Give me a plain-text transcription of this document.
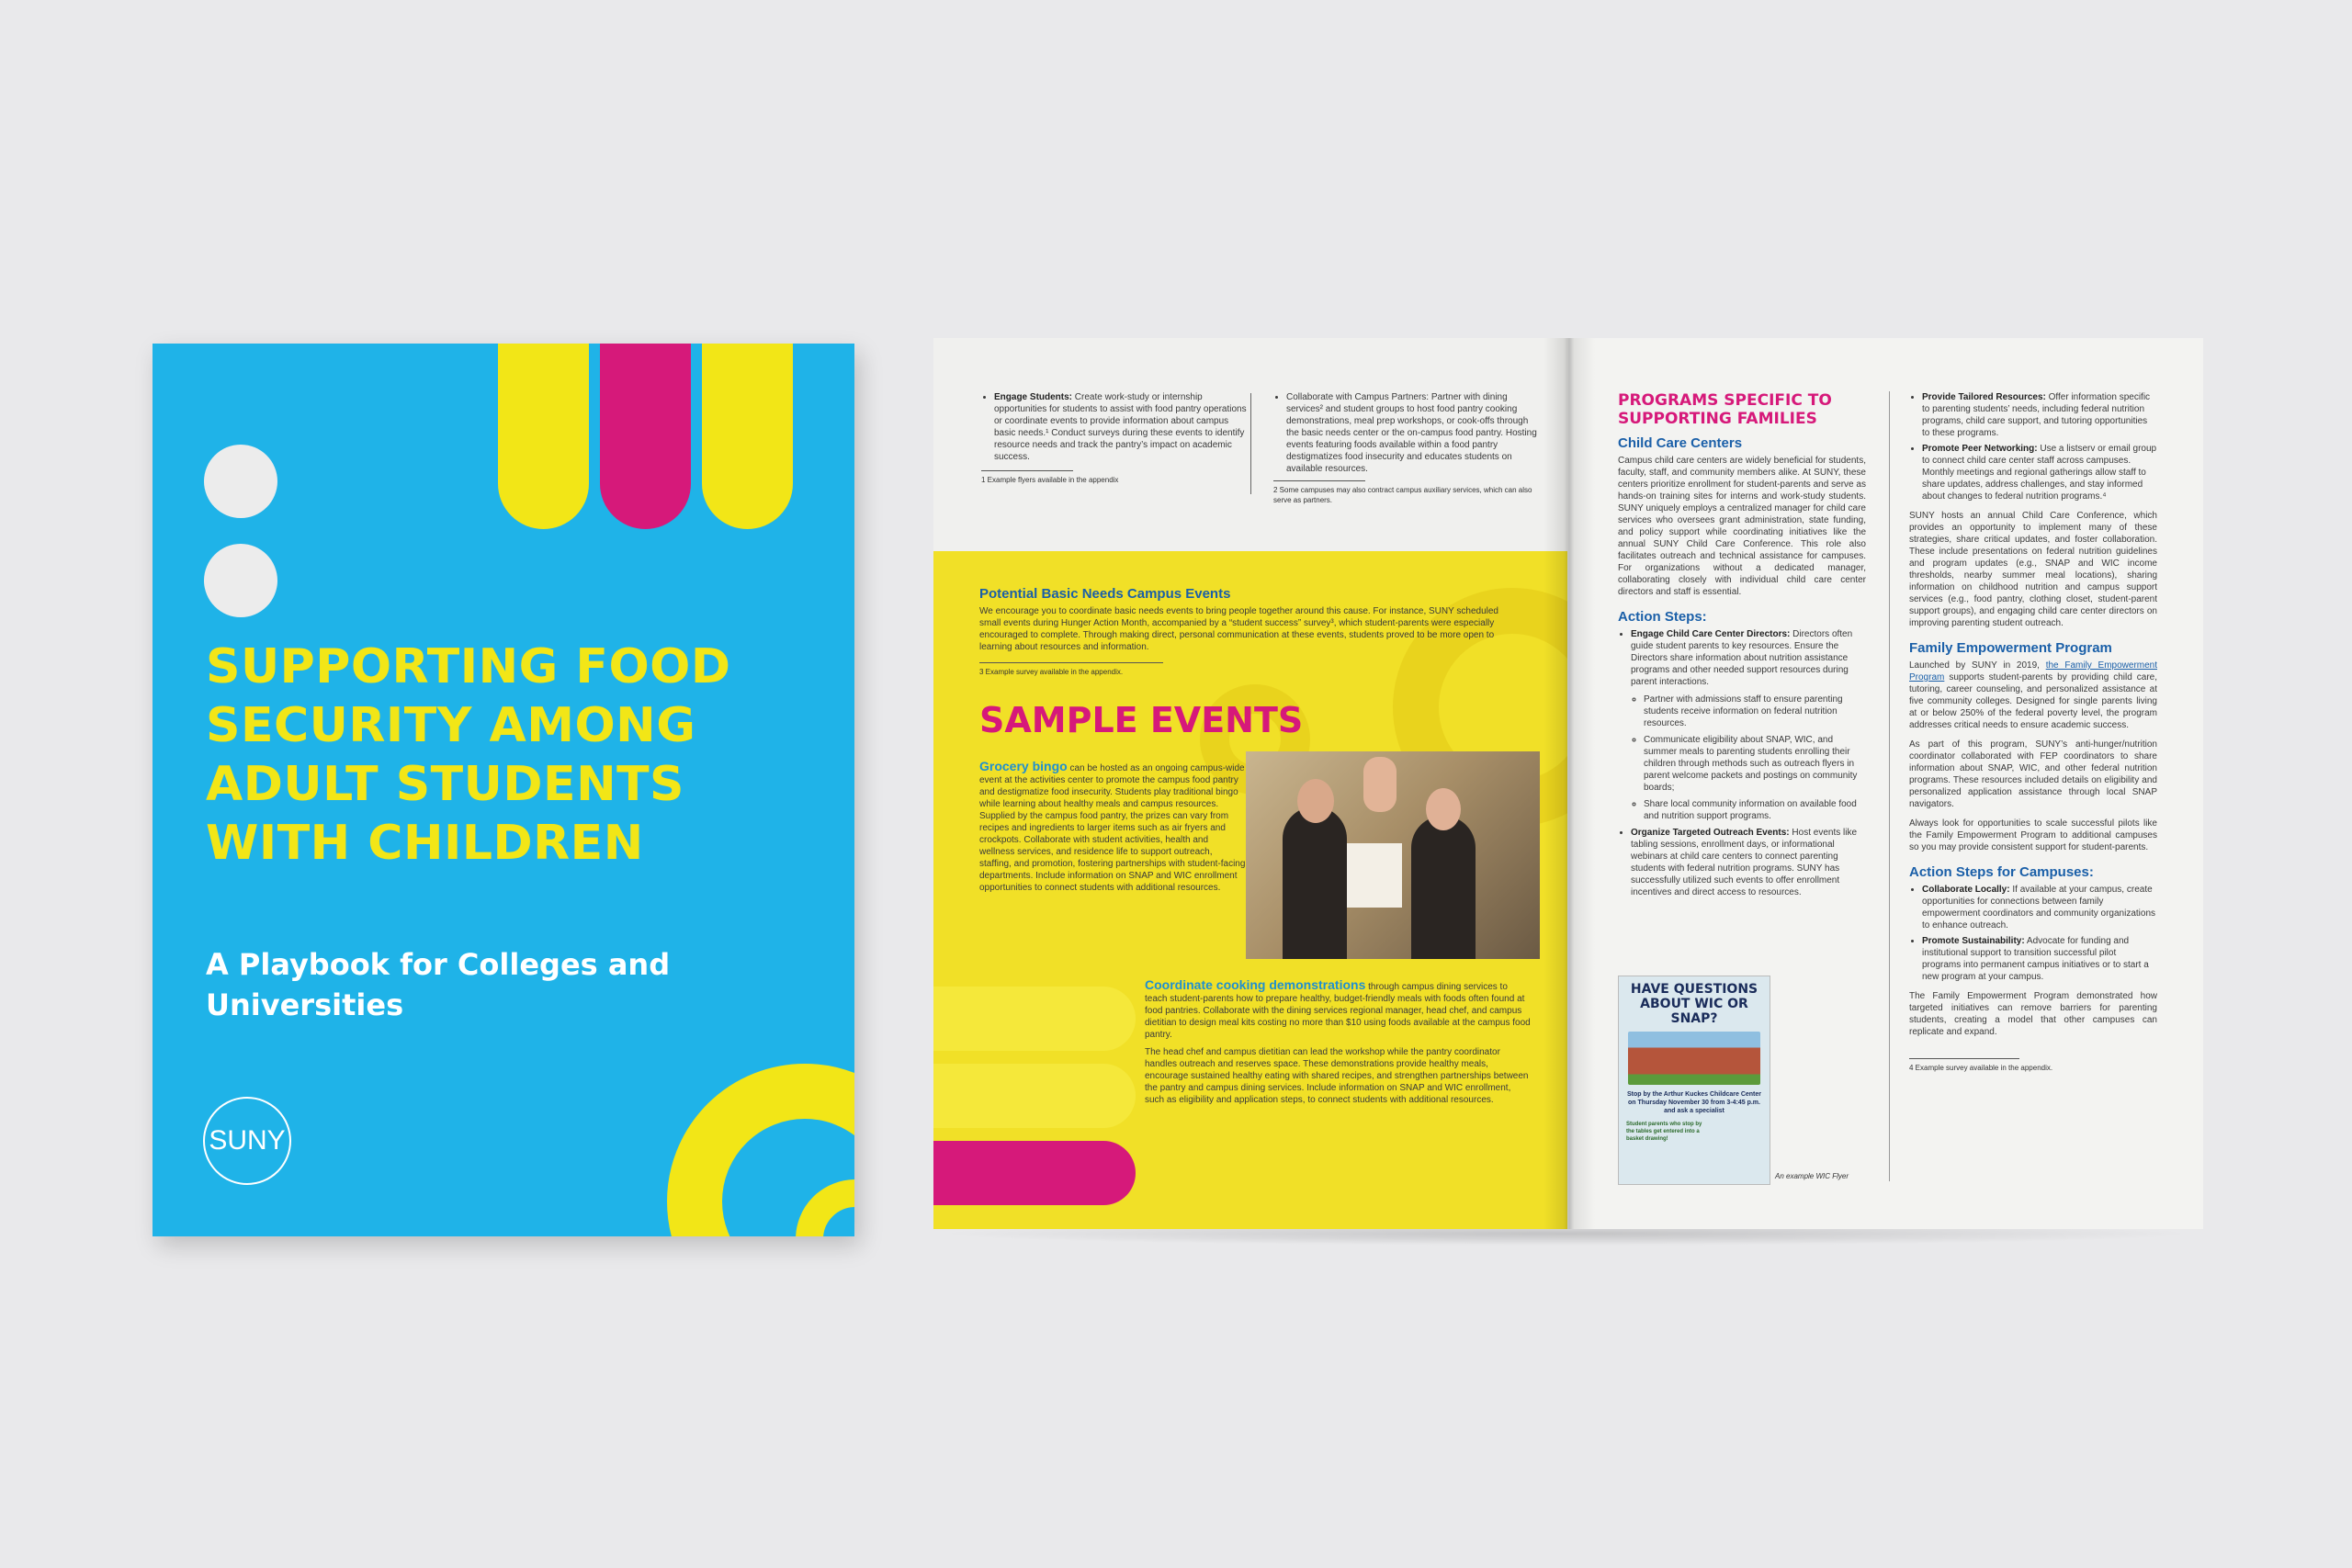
SUPPORTING FOOD SECURITY AMONG ADULT STUDENTS WITH CHILDREN
A Playbook for Colleges and Universities
SUNY
• Engage Students: Create work-study or internship opportunities for students to assist with food pantry operations or coordinate events to provide information about campus basic needs.¹ Conduct surveys during these events to identify resource needs and track the pantry’s impact on academic success.

1 Example flyers available in the appendix

• Collaborate with Campus Partners: Partner with dining services² and student groups to host food pantry cooking demonstrations, meal prep workshops, or cook-offs through the basic needs center or the on-campus food pantry. Hosting events featuring foods available within a food pantry destigmatizes food insecurity and educates students on available resources.

2 Some campuses may also contract campus auxiliary services, which can also serve as partners.

Potential Basic Needs Campus Events

We encourage you to coordinate basic needs events to bring people together around this cause. For instance, SUNY scheduled small events during Hunger Action Month, accompanied by a “student success” survey³, which student-parents were especially encouraged to complete. Through making direct, personal communication at these events, students proved to be more open to learning about resources and information.

3 Example survey available in the appendix.

SAMPLE EVENTS

Grocery bingo can be hosted as an ongoing campus-wide event at the activities center to promote the campus food pantry and destigmatize food insecurity. Students play traditional bingo while learning about healthy meals and campus resources. Supplied by the campus food pantry, the prizes can vary from recipes and ingredients to larger items such as air fryers and crockpots. Collaborate with student activities, health and wellness services, and residence life to support outreach, staffing, and promotion, fostering partnerships with student-facing departments. Include information on SNAP and WIC enrollment opportunities to connect students with additional resources.

Coordinate cooking demonstrations through campus dining services to teach student-parents how to prepare healthy, budget-friendly meals with foods often found at food pantries. Collaborate with the dining services regional manager, head chef, and campus dietitian to design meal kits costing no more than $10 using foods available at the campus food pantry.

The head chef and campus dietitian can lead the workshop while the pantry coordinator handles outreach and reserves space. These demonstrations provide healthy meals, encourage sustained healthy eating with shared recipes, and strengthen partnerships between the pantry and campus dining services. Include information on SNAP and WIC enrollment, such as eligibility and application steps, to connect students with additional resources.

PROGRAMS SPECIFIC TO SUPPORTING FAMILIES

Child Care Centers

Campus child care centers are widely beneficial for students, faculty, staff, and community members alike. At SUNY, these centers prioritize enrollment for student-parents and serve as hands-on training sites for interns and work-study students. SUNY uniquely employs a centralized manager for child care services who oversees grant administration, state funding, and policy support while coordinating initiatives like the annual SUNY Child Care Conference. This role also facilitates outreach and technical assistance for campuses. For organizations without a dedicated manager, collaborating closely with individual child care center directors and staff is essential.

Action Steps:

• Engage Child Care Center Directors: Directors often guide student parents to key resources. Ensure the Directors share information about nutrition assistance programs and other needed support resources during parent interactions.
◦ Partner with admissions staff to ensure parenting students receive information on federal nutrition resources.
◦ Communicate eligibility about SNAP, WIC, and summer meals to parenting students enrolling their children through methods such as outreach flyers in parent welcome packets and postings on community boards;
◦ Share local community information on available food and nutrition support programs.
• Organize Targeted Outreach Events: Host events like tabling sessions, enrollment days, or informational webinars at child care centers to connect parenting students with federal nutrition programs. SUNY has successfully utilized such events to offer enrollment incentives and direct access to resources.

HAVE QUESTIONS ABOUT WIC OR SNAP?

Stop by the Arthur Kuckes Childcare Center on Thursday November 30 from 3-4:45 p.m. and ask a specialist

Student parents who stop by the tables get entered into a basket drawing!

An example WIC Flyer

• Provide Tailored Resources: Offer information specific to parenting students’ needs, including federal nutrition programs, child care support, and tutoring opportunities to these programs.
• Promote Peer Networking: Use a listserv or email group to connect child care center staff across campuses. Monthly meetings and regional gatherings allow staff to share updates, address challenges, and stay informed about changes to federal nutrition programs.⁴

SUNY hosts an annual Child Care Conference, which provides an opportunity to implement many of these strategies, share critical updates, and foster collaboration. These include presentations on federal nutrition guidelines and program updates (e.g., SNAP and WIC income thresholds, nearby summer meal locations), sharing information on childhood nutrition and campus support services (e.g., food pantry, clothing closet, student-parent support groups), and engaging child care center directors on improving parenting student outreach.

Family Empowerment Program

Launched by SUNY in 2019, the Family Empowerment Program supports student-parents by providing child care, tutoring, career counseling, and personalized assistance at five community colleges. Designed for single parents living at or below 250% of the federal poverty level, the program addresses critical needs to ensure academic success.

As part of this program, SUNY’s anti-hunger/nutrition coordinator collaborated with FEP coordinators to share information about SNAP, WIC, and other federal nutrition programs. These resources included details on eligibility and personalized application assistance through local SNAP navigators.

Always look for opportunities to scale successful pilots like the Family Empowerment Program to additional campuses so you may provide consistent support for student-parents.

Action Steps for Campuses:

• Collaborate Locally: If available at your campus, create opportunities for connections between family empowerment coordinators and community organizations to enhance outreach.
• Promote Sustainability: Advocate for funding and institutional support to transition successful pilot programs into permanent campus initiatives or to start a new program at your campus.

The Family Empowerment Program demonstrated how targeted initiatives can remove barriers for parenting students, creating a model that other campuses can replicate and expand.

4 Example survey available in the appendix.
